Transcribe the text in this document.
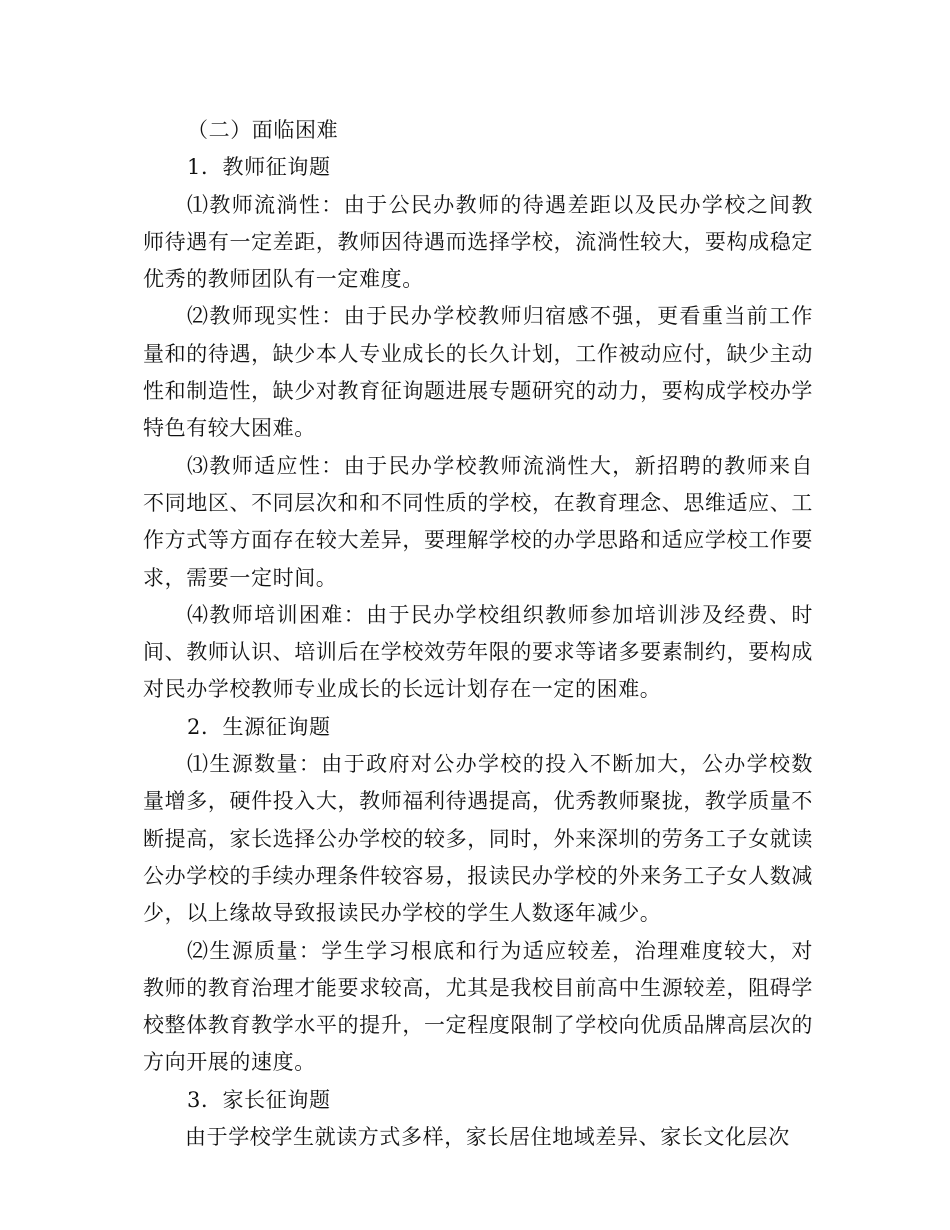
（二）面临困难

1．教师征询题

⑴教师流淌性：由于公民办教师的待遇差距以及民办学校之间教师待遇有一定差距，教师因待遇而选择学校，流淌性较大，要构成稳定优秀的教师团队有一定难度。

⑵教师现实性：由于民办学校教师归宿感不强，更看重当前工作量和的待遇，缺少本人专业成长的长久计划，工作被动应付，缺少主动性和制造性，缺少对教育征询题进展专题研究的动力，要构成学校办学特色有较大困难。

⑶教师适应性：由于民办学校教师流淌性大，新招聘的教师来自不同地区、不同层次和和不同性质的学校，在教育理念、思维适应、工作方式等方面存在较大差异，要理解学校的办学思路和适应学校工作要求，需要一定时间。

⑷教师培训困难：由于民办学校组织教师参加培训涉及经费、时间、教师认识、培训后在学校效劳年限的要求等诸多要素制约，要构成对民办学校教师专业成长的长远计划存在一定的困难。

2．生源征询题

⑴生源数量：由于政府对公办学校的投入不断加大，公办学校数量增多，硬件投入大，教师福利待遇提高，优秀教师聚拢，教学质量不断提高，家长选择公办学校的较多，同时，外来深圳的劳务工子女就读公办学校的手续办理条件较容易，报读民办学校的外来务工子女人数减少，以上缘故导致报读民办学校的学生人数逐年减少。

⑵生源质量：学生学习根底和行为适应较差，治理难度较大，对教师的教育治理才能要求较高，尤其是我校目前高中生源较差，阻碍学校整体教育教学水平的提升，一定程度限制了学校向优质品牌高层次的方向开展的速度。

3．家长征询题

由于学校学生就读方式多样，家长居住地域差异、家长文化层次
